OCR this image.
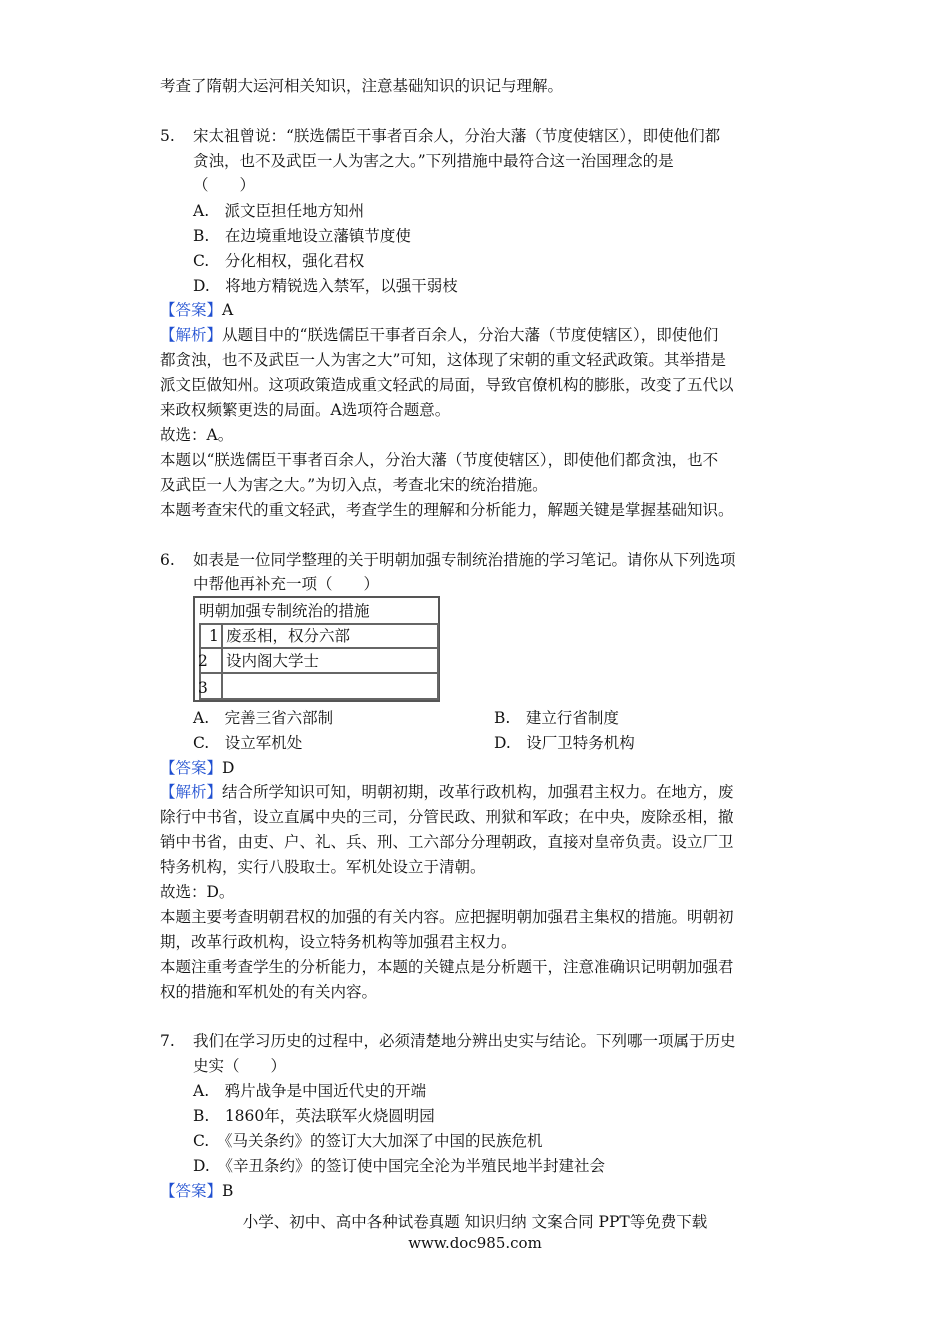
考查了隋朝大运河相关知识，注意基础知识的识记与理解。
5. 宋太祖曾说：“朕选儒臣干事者百余人，分治大藩（节度使辖区），即使他们都
贪浊，也不及武臣一人为害之大。”下列措施中最符合这一治国理念的是
（　　）
A.　派文臣担任地方知州
B.　在边境重地设立藩镇节度使
C.　分化相权，强化君权
D.　将地方精锐选入禁军，以强干弱枝
【答案】A
【解析】从题目中的“朕选儒臣干事者百余人，分治大藩（节度使辖区），即使他们
都贪浊，也不及武臣一人为害之大”可知，这体现了宋朝的重文轻武政策。其举措是
派文臣做知州。这项政策造成重文轻武的局面，导致官僚机构的膨胀，改变了五代以
来政权频繁更迭的局面。A选项符合题意。
故选：A。
本题以“朕选儒臣干事者百余人，分治大藩（节度使辖区），即使他们都贪浊，也不
及武臣一人为害之大。”为切入点，考查北宋的统治措施。
本题考查宋代的重文轻武，考查学生的理解和分析能力，解题关键是掌握基础知识。
6. 如表是一位同学整理的关于明朝加强专制统治措施的学习笔记。请你从下列选项
中帮他再补充一项（　　）
明朝加强专制统治的措施
1 废丞相，权分六部
2 设内阁大学士
3
A.　完善三省六部制	B.　建立行省制度
C.　设立军机处	D.　设厂卫特务机构
【答案】D
【解析】结合所学知识可知，明朝初期，改革行政机构，加强君主权力。在地方，废
除行中书省，设立直属中央的三司，分管民政、刑狱和军政；在中央，废除丞相，撤
销中书省，由吏、户、礼、兵、刑、工六部分分理朝政，直接对皇帝负责。设立厂卫
特务机构，实行八股取士。军机处设立于清朝。
故选：D。
本题主要考查明朝君权的加强的有关内容。应把握明朝加强君主集权的措施。明朝初
期，改革行政机构，设立特务机构等加强君主权力。
本题注重考查学生的分析能力，本题的关键点是分析题干，注意准确识记明朝加强君
权的措施和军机处的有关内容。
7. 我们在学习历史的过程中，必须清楚地分辨出史实与结论。下列哪一项属于历史
史实（　　）
A.　鸦片战争是中国近代史的开端
B.　1860年，英法联军火烧圆明园
C.　《马关条约》的签订大大加深了中国的民族危机
D.　《辛丑条约》的签订使中国完全沦为半殖民地半封建社会
【答案】B
小学、初中、高中各种试卷真题 知识归纳 文案合同 PPT等免费下载
www.doc985.com
